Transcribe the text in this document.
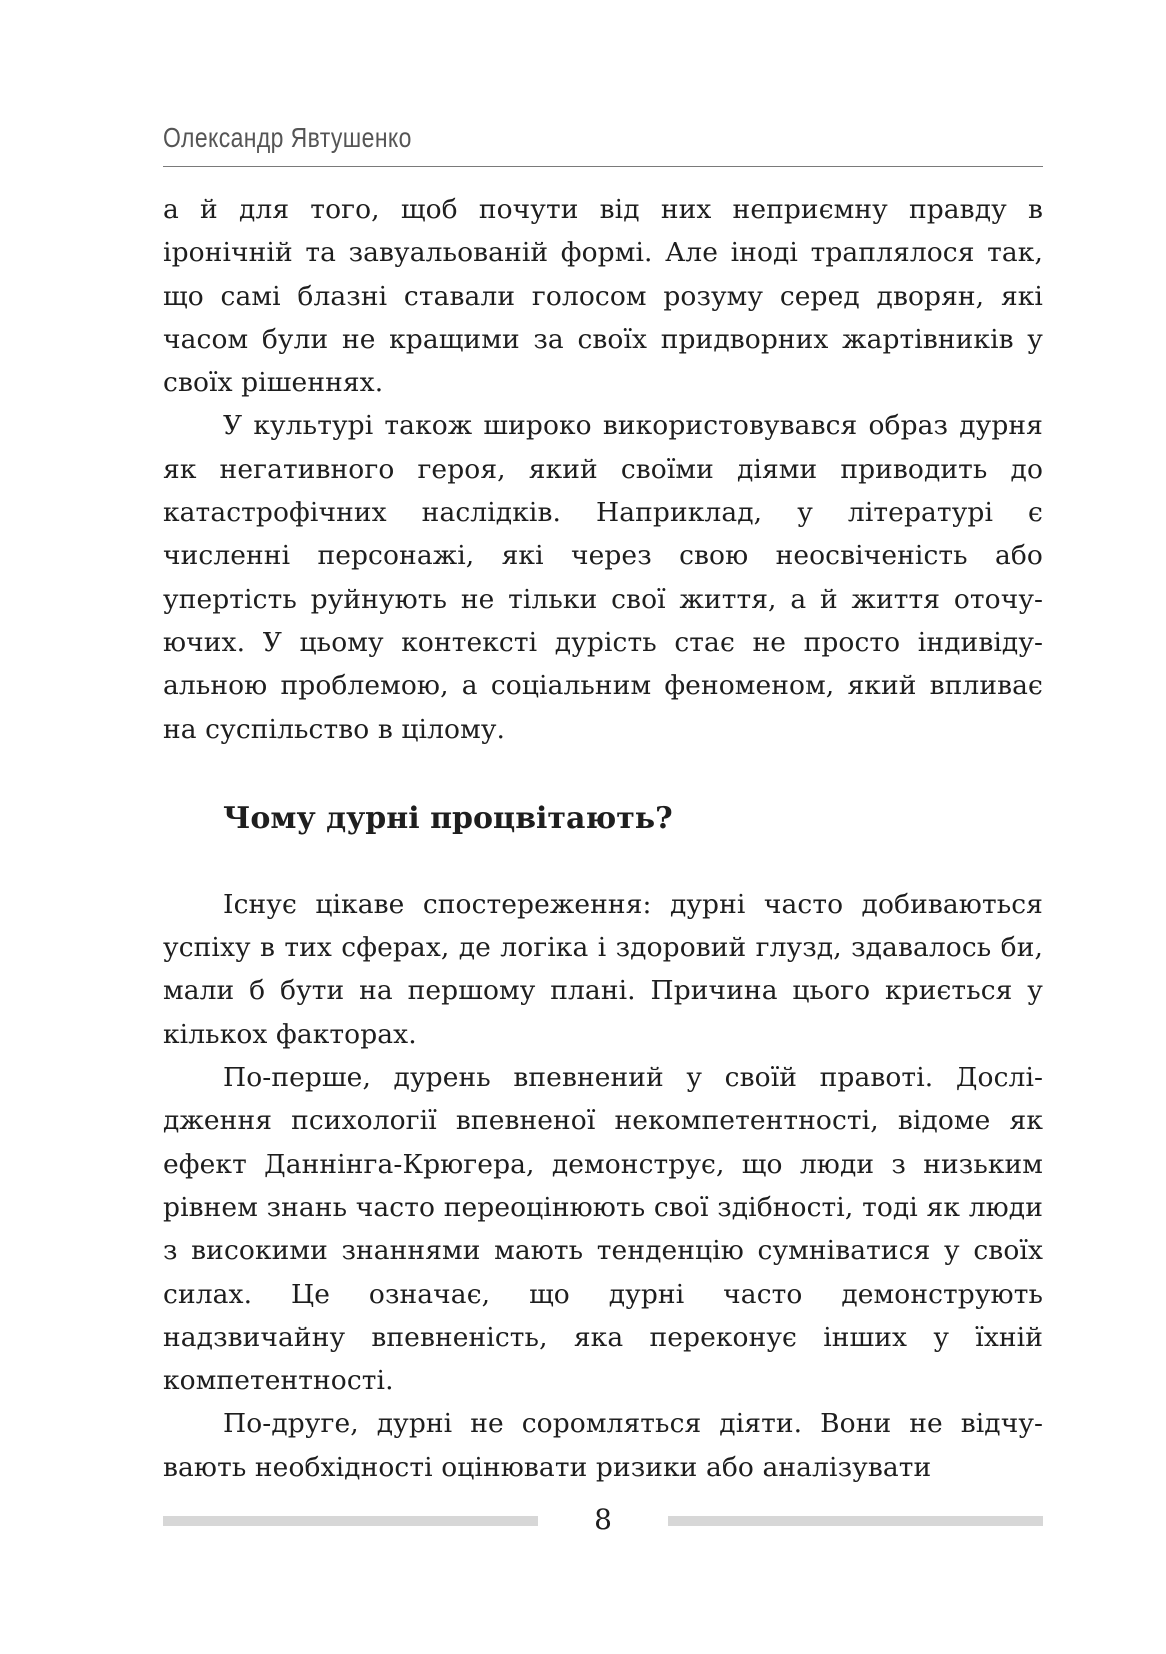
Олександр Явтушенко

а й для того, щоб почути від них неприємну правду в іронічній та завуальованій формі. Але іноді траплялося так, що самі блазні ставали голосом розуму серед дворян, які часом були не кращими за своїх придворних жартівників у своїх рішеннях.

У культурі також широко використовувався образ дурня як негативного героя, який своїми діями приводить до катастрофічних наслідків. Наприклад, у літературі є численні персонажі, які через свою неосвіченість або упертість руйнують не тільки свої життя, а й життя оточуючих. У цьому контексті дурість стає не просто індивідуальною проблемою, а соціальним феноменом, який впливає на суспільство в цілому.

Чому дурні процвітають?

Існує цікаве спостереження: дурні часто добиваються успіху в тих сферах, де логіка і здоровий глузд, здавалось би, мали б бути на першому плані. Причина цього криється у кількох факторах.

По-перше, дурень впевнений у своїй правоті. Дослідження психології впевненої некомпетентності, відоме як ефект Даннінга-Крюгера, демонструє, що люди з низьким рівнем знань часто переоцінюють свої здібності, тоді як люди з високими знаннями мають тенденцію сумніватися у своїх силах. Це означає, що дурні часто демонструють надзвичайну впевненість, яка переконує інших у їхній компетентності.

По-друге, дурні не соромляться діяти. Вони не відчувають необхідності оцінювати ризики або аналізувати

8
